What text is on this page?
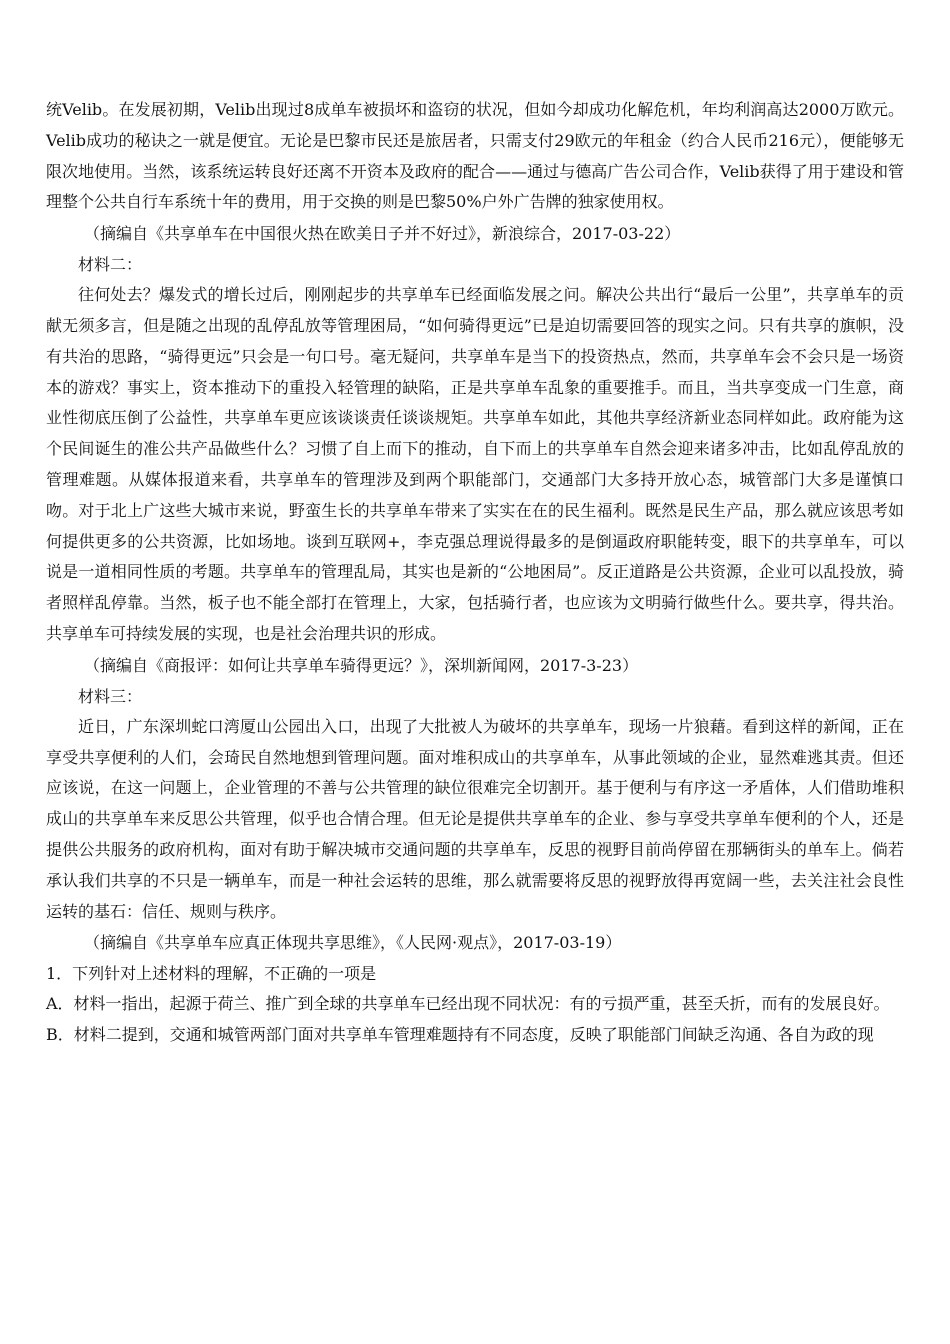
统Velib。在发展初期，Velib出现过8成单车被损坏和盗窃的状况，但如今却成功化解危机，年均利润高达2000万欧元。Velib成功的秘诀之一就是便宜。无论是巴黎市民还是旅居者，只需支付29欧元的年租金（约合人民币216元），便能够无限次地使用。当然，该系统运转良好还离不开资本及政府的配合——通过与德高广告公司合作，Velib获得了用于建设和管理整个公共自行车系统十年的费用，用于交换的则是巴黎50%户外广告牌的独家使用权。

（摘编自《共享单车在中国很火热在欧美日子并不好过》，新浪综合，2017-03-22）

材料二：

往何处去？爆发式的增长过后，刚刚起步的共享单车已经面临发展之问。解决公共出行“最后一公里”，共享单车的贡献无须多言，但是随之出现的乱停乱放等管理困局，“如何骑得更远”已是迫切需要回答的现实之问。只有共享的旗帜，没有共治的思路，“骑得更远”只会是一句口号。毫无疑问，共享单车是当下的投资热点，然而，共享单车会不会只是一场资本的游戏？事实上，资本推动下的重投入轻管理的缺陷，正是共享单车乱象的重要推手。而且，当共享变成一门生意，商业性彻底压倒了公益性，共享单车更应该谈谈责任谈谈规矩。共享单车如此，其他共享经济新业态同样如此。政府能为这个民间诞生的准公共产品做些什么？习惯了自上而下的推动，自下而上的共享单车自然会迎来诸多冲击，比如乱停乱放的管理难题。从媒体报道来看，共享单车的管理涉及到两个职能部门，交通部门大多持开放心态，城管部门大多是谨慎口吻。对于北上广这些大城市来说，野蛮生长的共享单车带来了实实在在的民生福利。既然是民生产品，那么就应该思考如何提供更多的公共资源，比如场地。谈到互联网+，李克强总理说得最多的是倒逼政府职能转变，眼下的共享单车，可以说是一道相同性质的考题。共享单车的管理乱局，其实也是新的“公地困局”。反正道路是公共资源，企业可以乱投放，骑者照样乱停靠。当然，板子也不能全部打在管理上，大家，包括骑行者，也应该为文明骑行做些什么。要共享，得共治。共享单车可持续发展的实现，也是社会治理共识的形成。

（摘编自《商报评：如何让共享单车骑得更远？》，深圳新闻网，2017-3-23）

材料三：

近日，广东深圳蛇口湾厦山公园出入口，出现了大批被人为破坏的共享单车，现场一片狼藉。看到这样的新闻，正在享受共享便利的人们，会琦民自然地想到管理问题。面对堆积成山的共享单车，从事此领域的企业，显然难逃其责。但还应该说，在这一问题上，企业管理的不善与公共管理的缺位很难完全切割开。基于便利与有序这一矛盾体，人们借助堆积成山的共享单车来反思公共管理，似乎也合情合理。但无论是提供共享单车的企业、参与享受共享单车便利的个人，还是提供公共服务的政府机构，面对有助于解决城市交通问题的共享单车，反思的视野目前尚停留在那辆街头的单车上。倘若承认我们共享的不只是一辆单车，而是一种社会运转的思维，那么就需要将反思的视野放得再宽阔一些，去关注社会良性运转的基石：信任、规则与秩序。

（摘编自《共享单车应真正体现共享思维》，《人民网·观点》，2017-03-19）

1．下列针对上述材料的理解，不正确的一项是

A．材料一指出，起源于荷兰、推广到全球的共享单车已经出现不同状况：有的亏损严重，甚至夭折，而有的发展良好。

B．材料二提到，交通和城管两部门面对共享单车管理难题持有不同态度，反映了职能部门间缺乏沟通、各自为政的现
